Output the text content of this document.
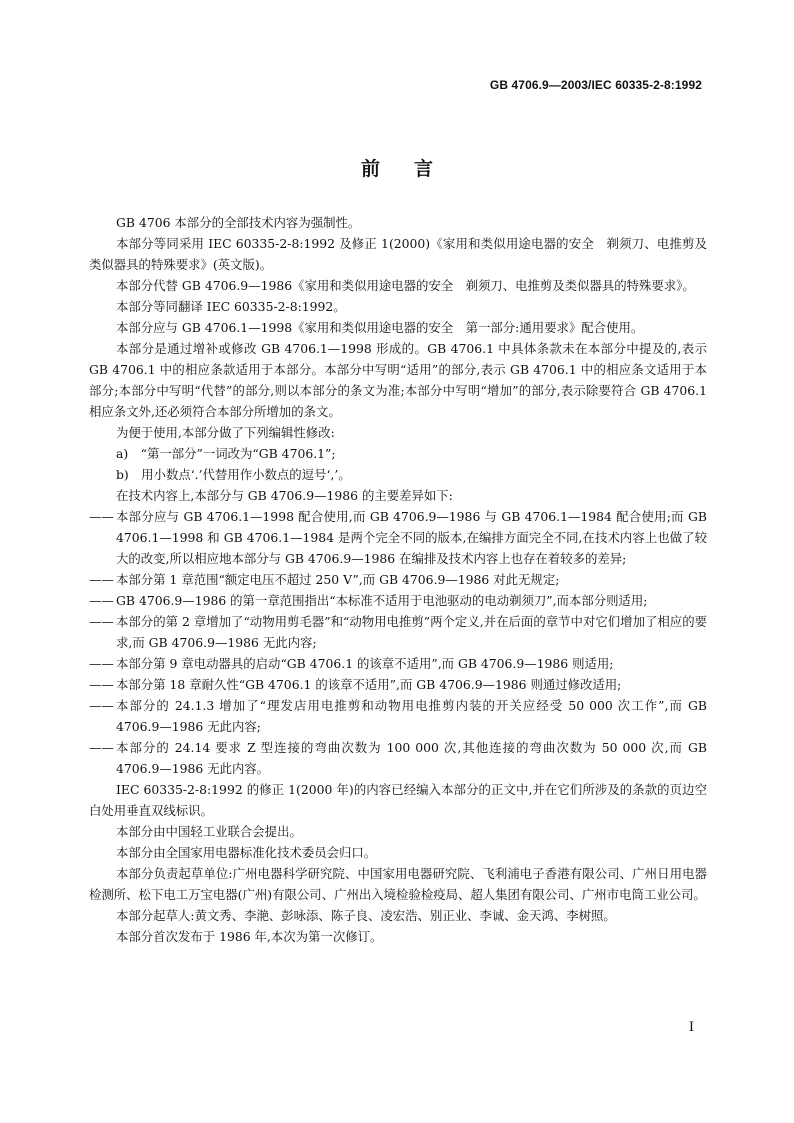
GB 4706.9—2003/IEC 60335-2-8:1992
前言

GB 4706 本部分的全部技术内容为强制性。

本部分等同采用 IEC 60335-2-8:1992 及修正 1(2000)《家用和类似用途电器的安全　剃须刀、电推剪及类似器具的特殊要求》(英文版)。

本部分代替 GB 4706.9—1986《家用和类似用途电器的安全　剃须刀、电推剪及类似器具的特殊要求》。

本部分等同翻译 IEC 60335-2-8:1992。

本部分应与 GB 4706.1—1998《家用和类似用途电器的安全　第一部分:通用要求》配合使用。

本部分是通过增补或修改 GB 4706.1—1998 形成的。GB 4706.1 中具体条款未在本部分中提及的,表示 GB 4706.1 中的相应条款适用于本部分。本部分中写明“适用”的部分,表示 GB 4706.1 中的相应条文适用于本部分;本部分中写明“代替”的部分,则以本部分的条文为准;本部分中写明“增加”的部分,表示除要符合 GB 4706.1 相应条文外,还必须符合本部分所增加的条文。

为便于使用,本部分做了下列编辑性修改:

a)　“第一部分”一词改为“GB 4706.1”;

b)　用小数点‘.’代替用作小数点的逗号‘,’。

在技术内容上,本部分与 GB 4706.9—1986 的主要差异如下:

—— 本部分应与 GB 4706.1—1998 配合使用,而 GB 4706.9—1986 与 GB 4706.1—1984 配合使用;而 GB 4706.1—1998 和 GB 4706.1—1984 是两个完全不同的版本,在编排方面完全不同,在技术内容上也做了较大的改变,所以相应地本部分与 GB 4706.9—1986 在编排及技术内容上也存在着较多的差异;
—— 本部分第 1 章范围“额定电压不超过 250 V”,而 GB 4706.9—1986 对此无规定;
—— GB 4706.9—1986 的第一章范围指出“本标准不适用于电池驱动的电动剃须刀”,而本部分则适用;
—— 本部分的第 2 章增加了“动物用剪毛器”和“动物用电推剪”两个定义,并在后面的章节中对它们增加了相应的要求,而 GB 4706.9—1986 无此内容;
—— 本部分第 9 章电动器具的启动“GB 4706.1 的该章不适用”,而 GB 4706.9—1986 则适用;
—— 本部分第 18 章耐久性“GB 4706.1 的该章不适用”,而 GB 4706.9—1986 则通过修改适用;
—— 本部分的 24.1.3 增加了“理发店用电推剪和动物用电推剪内装的开关应经受 50 000 次工作”,而 GB 4706.9—1986 无此内容;
—— 本部分的 24.14 要求 Z 型连接的弯曲次数为 100 000 次,其他连接的弯曲次数为 50 000 次,而 GB 4706.9—1986 无此内容。

IEC 60335-2-8:1992 的修正 1(2000 年)的内容已经编入本部分的正文中,并在它们所涉及的条款的页边空白处用垂直双线标识。

本部分由中国轻工业联合会提出。

本部分由全国家用电器标准化技术委员会归口。

本部分负责起草单位:广州电器科学研究院、中国家用电器研究院、飞利浦电子香港有限公司、广州日用电器检测所、松下电工万宝电器(广州)有限公司、广州出入境检验检疫局、超人集团有限公司、广州市电筒工业公司。

本部分起草人:黄文秀、李滟、彭咏添、陈子良、凌宏浩、别正业、李诚、金天鸿、李树照。

本部分首次发布于 1986 年,本次为第一次修订。

I
